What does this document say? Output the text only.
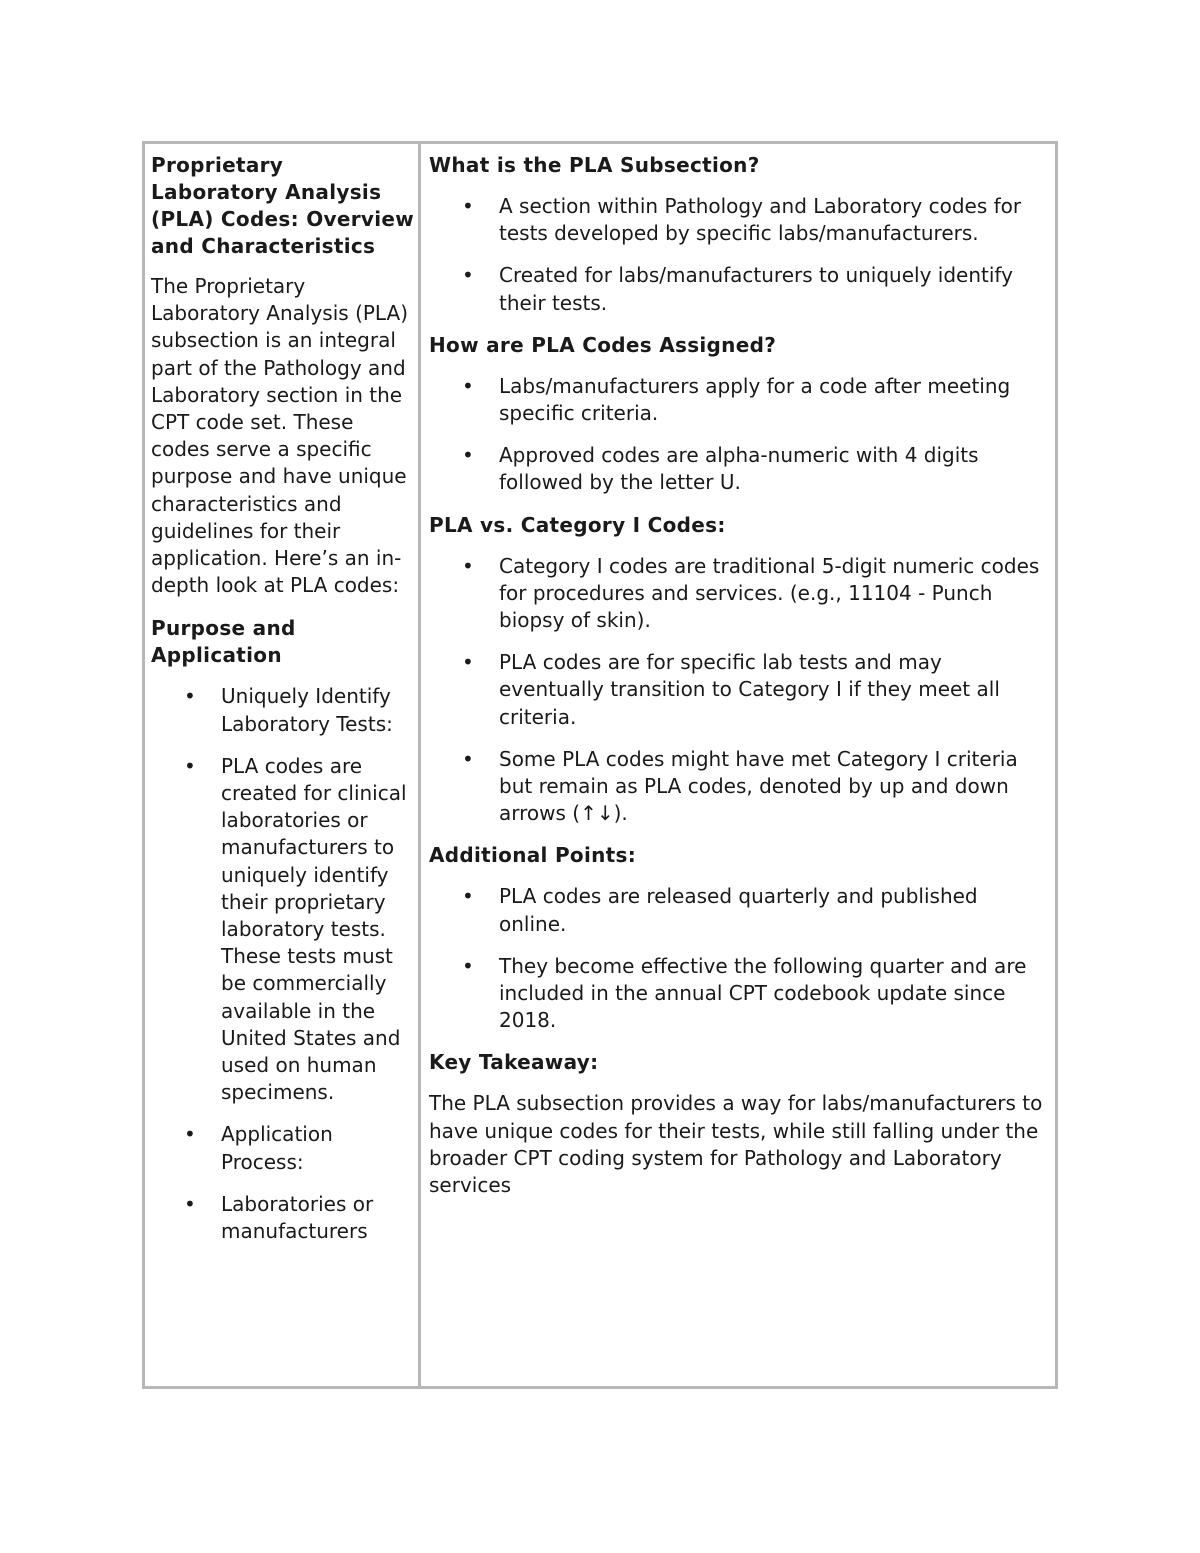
Proprietary Laboratory Analysis (PLA) Codes: Overview and Characteristics

The Proprietary Laboratory Analysis (PLA) subsection is an integral part of the Pathology and Laboratory section in the CPT code set. These codes serve a specific purpose and have unique characteristics and guidelines for their application. Here’s an in-depth look at PLA codes:

Purpose and Application
• Uniquely Identify Laboratory Tests:
• PLA codes are created for clinical laboratories or manufacturers to uniquely identify their proprietary laboratory tests. These tests must be commercially available in the United States and used on human specimens.
• Application Process:
• Laboratories or manufacturers
What is the PLA Subsection?
• A section within Pathology and Laboratory codes for tests developed by specific labs/manufacturers.
• Created for labs/manufacturers to uniquely identify their tests.
How are PLA Codes Assigned?
• Labs/manufacturers apply for a code after meeting specific criteria.
• Approved codes are alpha-numeric with 4 digits followed by the letter U.
PLA vs. Category I Codes:
• Category I codes are traditional 5-digit numeric codes for procedures and services. (e.g., 11104 - Punch biopsy of skin).
• PLA codes are for specific lab tests and may eventually transition to Category I if they meet all criteria.
• Some PLA codes might have met Category I criteria but remain as PLA codes, denoted by up and down arrows (↑↓).
Additional Points:
• PLA codes are released quarterly and published online.
• They become effective the following quarter and are included in the annual CPT codebook update since 2018.
Key Takeaway:

The PLA subsection provides a way for labs/manufacturers to have unique codes for their tests, while still falling under the broader CPT coding system for Pathology and Laboratory services
